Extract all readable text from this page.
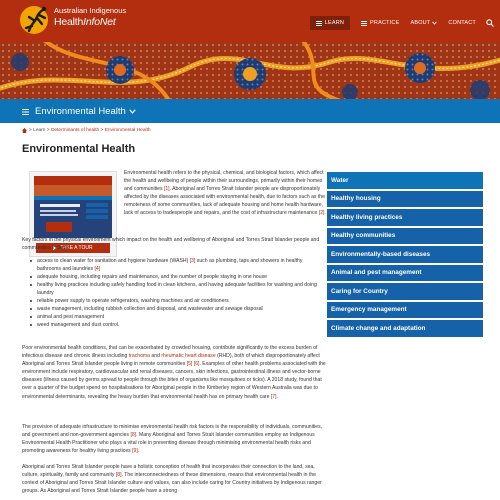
Australian Indigenous
HealthInfoNet	LEARN	PRACTICE ABOUT	CONTACT
Environmental Health
>
Learn
>
Determinants of health
>
Environmental Health
Environmental Health
TAKE A TOUR

Environmental health refers to the physical, chemical, and biological factors, which affect the health and wellbeing of people within their surroundings, primarily within their homes and communities [1]. Aboriginal and Torres Strait Islander people are disproportionately affected by the diseases associated with environmental health, due to factors such as the remoteness of some communities, lack of adequate housing and home health hardware, lack of access to tradespeople and repairs, and the cost of infrastructure maintenance [2].

Water
Healthy housing
Healthy living practices
Healthy communities
Environmentally-based diseases
Animal and pest management
Caring for Country
Emergency management
Climate change and adaptation

Key factors in the physical environment which impact on the health and wellbeing of Aboriginal and Torres Strait Islander people and communities include:

access to clean water for sanitation and hygiene hardware (WASH) [3] such as plumbing, taps and showers in healthy bathrooms and laundries [4]
adequate housing, including repairs and maintenance, and the number of people staying in one house
healthy living practices including safely handling food in clean kitchens, and having adequate facilities for washing and doing laundry
reliable power supply to operate refrigerators, washing machines and air conditioners
waste management, including rubbish collection and disposal, and wastewater and sewage disposal
animal and pest management
weed management and dust control.

Poor environmental health conditions, that can be exacerbated by crowded housing, contribute significantly to the excess burden of infectious disease and chronic illness including trachoma and rheumatic heart disease (RHD), both of which disproportionately affect Aboriginal and Torres Strait Islander people living in remote communities [5] [6]. Examples of other health problems associated with the environment include respiratory, cardiovascular and renal diseases, cancers, skin infections, gastrointestinal illness and vector-borne diseases (illness caused by germs spread to people through the bites of organisms like mosquitoes or ticks). A 2018 study, found that over a quarter of the budget spend on hospitalisations for Aboriginal people in the Kimberley region of Western Australia was due to environmental determinants, revealing the heavy burden that environmental health has on primary health care [7].

The provision of adequate infrastructure to minimise environmental health risk factors is the responsibility of individuals, communities, and government and non-government agencies [8]. Many Aboriginal and Torres Strait Islander communities employ an Indigenous Environmental Health Practitioner who plays a vital role in preventing disease through minimising environmental health risks and promoting awareness for healthy living practices [9].

Aboriginal and Torres Strait Islander people have a holistic conception of health that incorporates their connection to the land, sea, culture, spirituality, family and community [8]. The interconnectedness of these dimensions, means that environmental health in the context of Aboriginal and Torres Strait Islander culture and values, can also include caring for Country initiatives by Indigenous ranger groups. As Aboriginal and Torres Strait Islander people have a strong
